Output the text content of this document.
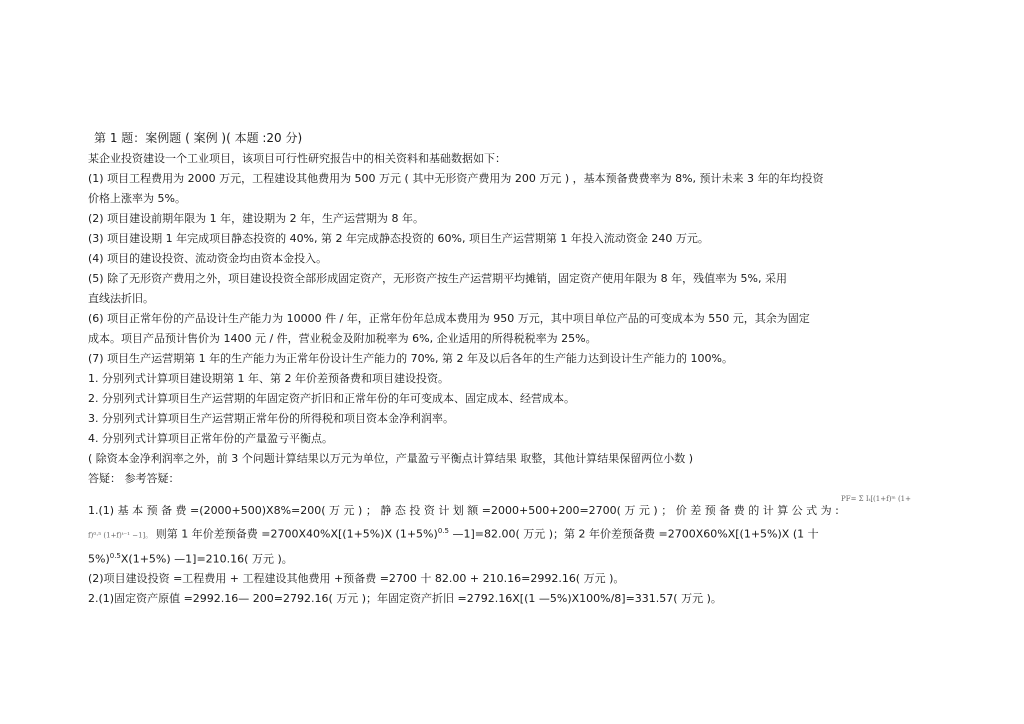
第 1 题：案例题 ( 案例 )( 本题 :20 分)
某企业投资建设一个工业项目，该项目可行性研究报告中的相关资料和基础数据如下：
(1) 项目工程费用为 2000 万元，工程建设其他费用为 500 万元 ( 其中无形资产费用为 200 万元 ) ，基本预备费费率为 8%, 预计未来 3 年的年均投资
价格上涨率为 5%。
(2) 项目建设前期年限为 1 年，建设期为 2 年，生产运营期为 8 年。
(3) 项目建设期 1 年完成项目静态投资的 40%, 第 2 年完成静态投资的 60%, 项目生产运营期第 1 年投入流动资金 240 万元。
(4) 项目的建设投资、流动资金均由资本金投入。
(5) 除了无形资产费用之外，项目建设投资全部形成固定资产，无形资产按生产运营期平均摊销，固定资产使用年限为 8 年，残值率为 5%, 采用
直线法折旧。
(6) 项目正常年份的产品设计生产能力为 10000 件 / 年，正常年份年总成本费用为 950 万元，其中项目单位产品的可变成本为 550 元，其余为固定
成本。项目产品预计售价为 1400 元 / 件，营业税金及附加税率为 6%, 企业适用的所得税税率为 25%。
(7) 项目生产运营期第 1 年的生产能力为正常年份设计生产能力的 70%, 第 2 年及以后各年的生产能力达到设计生产能力的 100%。
1. 分别列式计算项目建设期第 1 年、第 2 年价差预备费和项目建设投资。
2. 分别列式计算项目生产运营期的年固定资产折旧和正常年份的年可变成本、固定成本、经营成本。
3. 分别列式计算项目生产运营期正常年份的所得税和项目资本金净利润率。
4. 分别列式计算项目正常年份的产量盈亏平衡点。
( 除资本金净利润率之外，前 3 个问题计算结果以万元为单位，产量盈亏平衡点计算结果 取整，其他计算结果保留两位小数 )
答疑： 参考答疑：
1.(1) 基 本 预 备 费 =(2000+500)X8%=200( 万 元 ) ； 静 态 投 资 计 划 额 =2000+500+200=2700( 万 元 ) ； 价 差 预 备 费 的 计 算 公 式 为 :
f)⁰·⁵ (1+f)ᵗ⁻¹ −1]。 则第 1 年价差预备费 =2700X40%X[(1+5%)X $(1+5\%)^{0.5}$ —1]=82.00( 万元 )；第 2 年价差预备费 =2700X60%X[(1+5%)X (1 十
5%)$^{0.5}$X(1+5%) —1]=210.16( 万元 )。
(2)项目建设投资 =工程费用 + 工程建设其他费用 +预备费 =2700 十 82.00 + 210.16=2992.16( 万元 )。
2.(1)固定资产原值 =2992.16— 200=2792.16( 万元 )；年固定资产折旧 =2792.16X[(1 —5%)X100%/8]=331.57( 万元 )。
PF= Σ Iₜ[(1+f)ᵐ (1+
